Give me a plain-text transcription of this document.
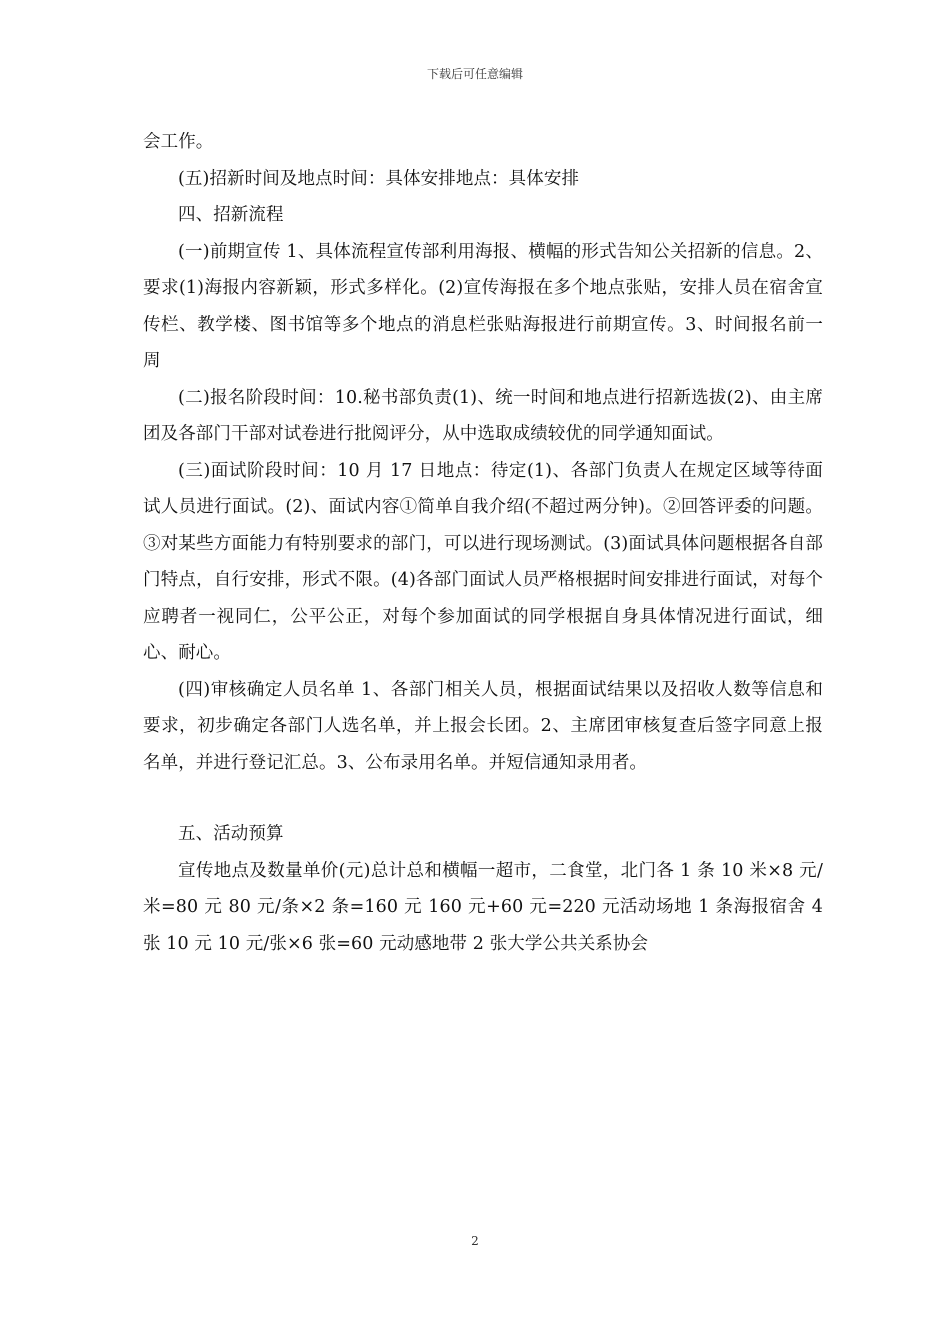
下载后可任意编辑

会工作。

(五)招新时间及地点时间：具体安排地点：具体安排

四、招新流程

(一)前期宣传 1、具体流程宣传部利用海报、横幅的形式告知公关招新的信息。2、要求(1)海报内容新颖，形式多样化。(2)宣传海报在多个地点张贴，安排人员在宿舍宣传栏、教学楼、图书馆等多个地点的消息栏张贴海报进行前期宣传。3、时间报名前一周

(二)报名阶段时间：10.秘书部负责(1)、统一时间和地点进行招新选拔(2)、由主席团及各部门干部对试卷进行批阅评分，从中选取成绩较优的同学通知面试。

(三)面试阶段时间：10 月 17 日地点：待定(1)、各部门负责人在规定区域等待面试人员进行面试。(2)、面试内容①简单自我介绍(不超过两分钟)。②回答评委的问题。③对某些方面能力有特别要求的部门，可以进行现场测试。(3)面试具体问题根据各自部门特点，自行安排，形式不限。(4)各部门面试人员严格根据时间安排进行面试，对每个应聘者一视同仁，公平公正，对每个参加面试的同学根据自身具体情况进行面试，细心、耐心。

(四)审核确定人员名单 1、各部门相关人员，根据面试结果以及招收人数等信息和要求，初步确定各部门人选名单，并上报会长团。2、主席团审核复查后签字同意上报名单，并进行登记汇总。3、公布录用名单。并短信通知录用者。

五、活动预算

宣传地点及数量单价(元)总计总和横幅一超市，二食堂，北门各 1 条 10 米×8 元/米=80 元 80 元/条×2 条=160 元 160 元+60 元=220 元活动场地 1 条海报宿舍 4 张 10 元 10 元/张×6 张=60 元动感地带 2 张大学公共关系协会

2
